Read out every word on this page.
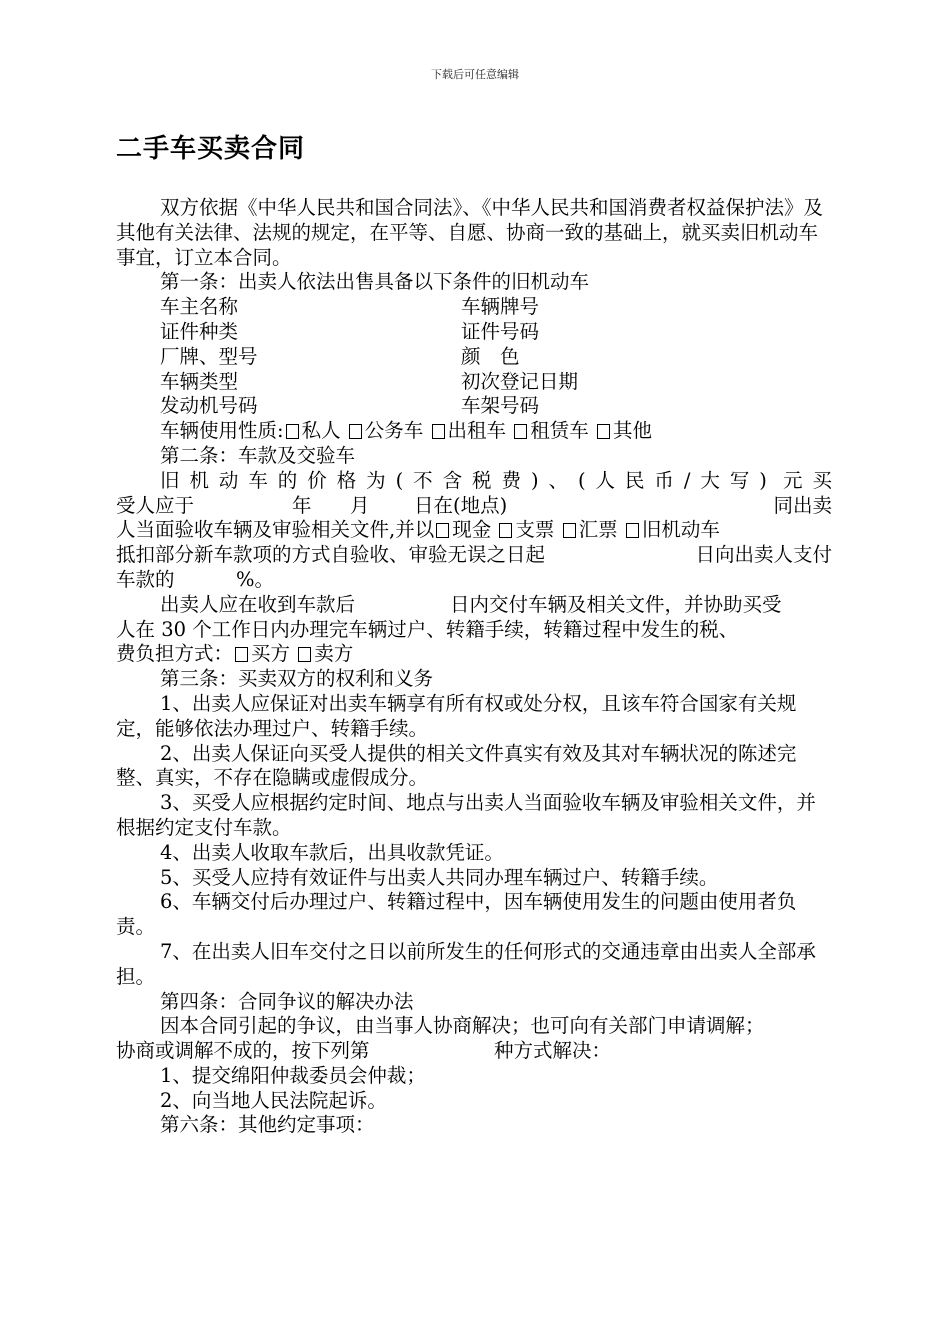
下载后可任意编辑
二手车买卖合同

双方依据《中华人民共和国合同法》、《中华人民共和国消费者权益保护法》及其他有关法律、法规的规定，在平等、自愿、协商一致的基础上，就买卖旧机动车事宜，订立本合同。

第一条：出卖人依法出售具备以下条件的旧机动车

车主名称	车辆牌号
证件种类	证件号码
厂牌、型号	颜　色
车辆类型	初次登记日期
发动机号码	车架号码

车辆使用性质: 私人 公务车 出租车 租赁车 其他

第二条：车款及交验车

旧机动车的价格为(不含税费)、(人民币/大写) 元买

受人应于	年	月	日在(地点)	同出卖

人当面验收车辆及审验相关文件,并以 现金 支票 汇票 旧机动车

抵扣部分新车款项的方式自验收、审验无误之日起	日向出卖人支付

车款的	%。

出卖人应在收到车款后	日内交付车辆及相关文件，并协助买受

人在 30 个工作日内办理完车辆过户、转籍手续，转籍过程中发生的税、

费负担方式： 买方 卖方

第三条：买卖双方的权利和义务

1、出卖人应保证对出卖车辆享有所有权或处分权，且该车符合国家有关规定，能够依法办理过户、转籍手续。

2、出卖人保证向买受人提供的相关文件真实有效及其对车辆状况的陈述完整、真实，不存在隐瞒或虚假成分。

3、买受人应根据约定时间、地点与出卖人当面验收车辆及审验相关文件，并根据约定支付车款。

4、出卖人收取车款后，出具收款凭证。

5、买受人应持有效证件与出卖人共同办理车辆过户、转籍手续。

6、车辆交付后办理过户、转籍过程中，因车辆使用发生的问题由使用者负责。

7、在出卖人旧车交付之日以前所发生的任何形式的交通违章由出卖人全部承担。

第四条：合同争议的解决办法

因本合同引起的争议，由当事人协商解决；也可向有关部门申请调解；

协商或调解不成的，按下列第	种方式解决：

1、提交绵阳仲裁委员会仲裁；

2、向当地人民法院起诉。

第六条：其他约定事项：
